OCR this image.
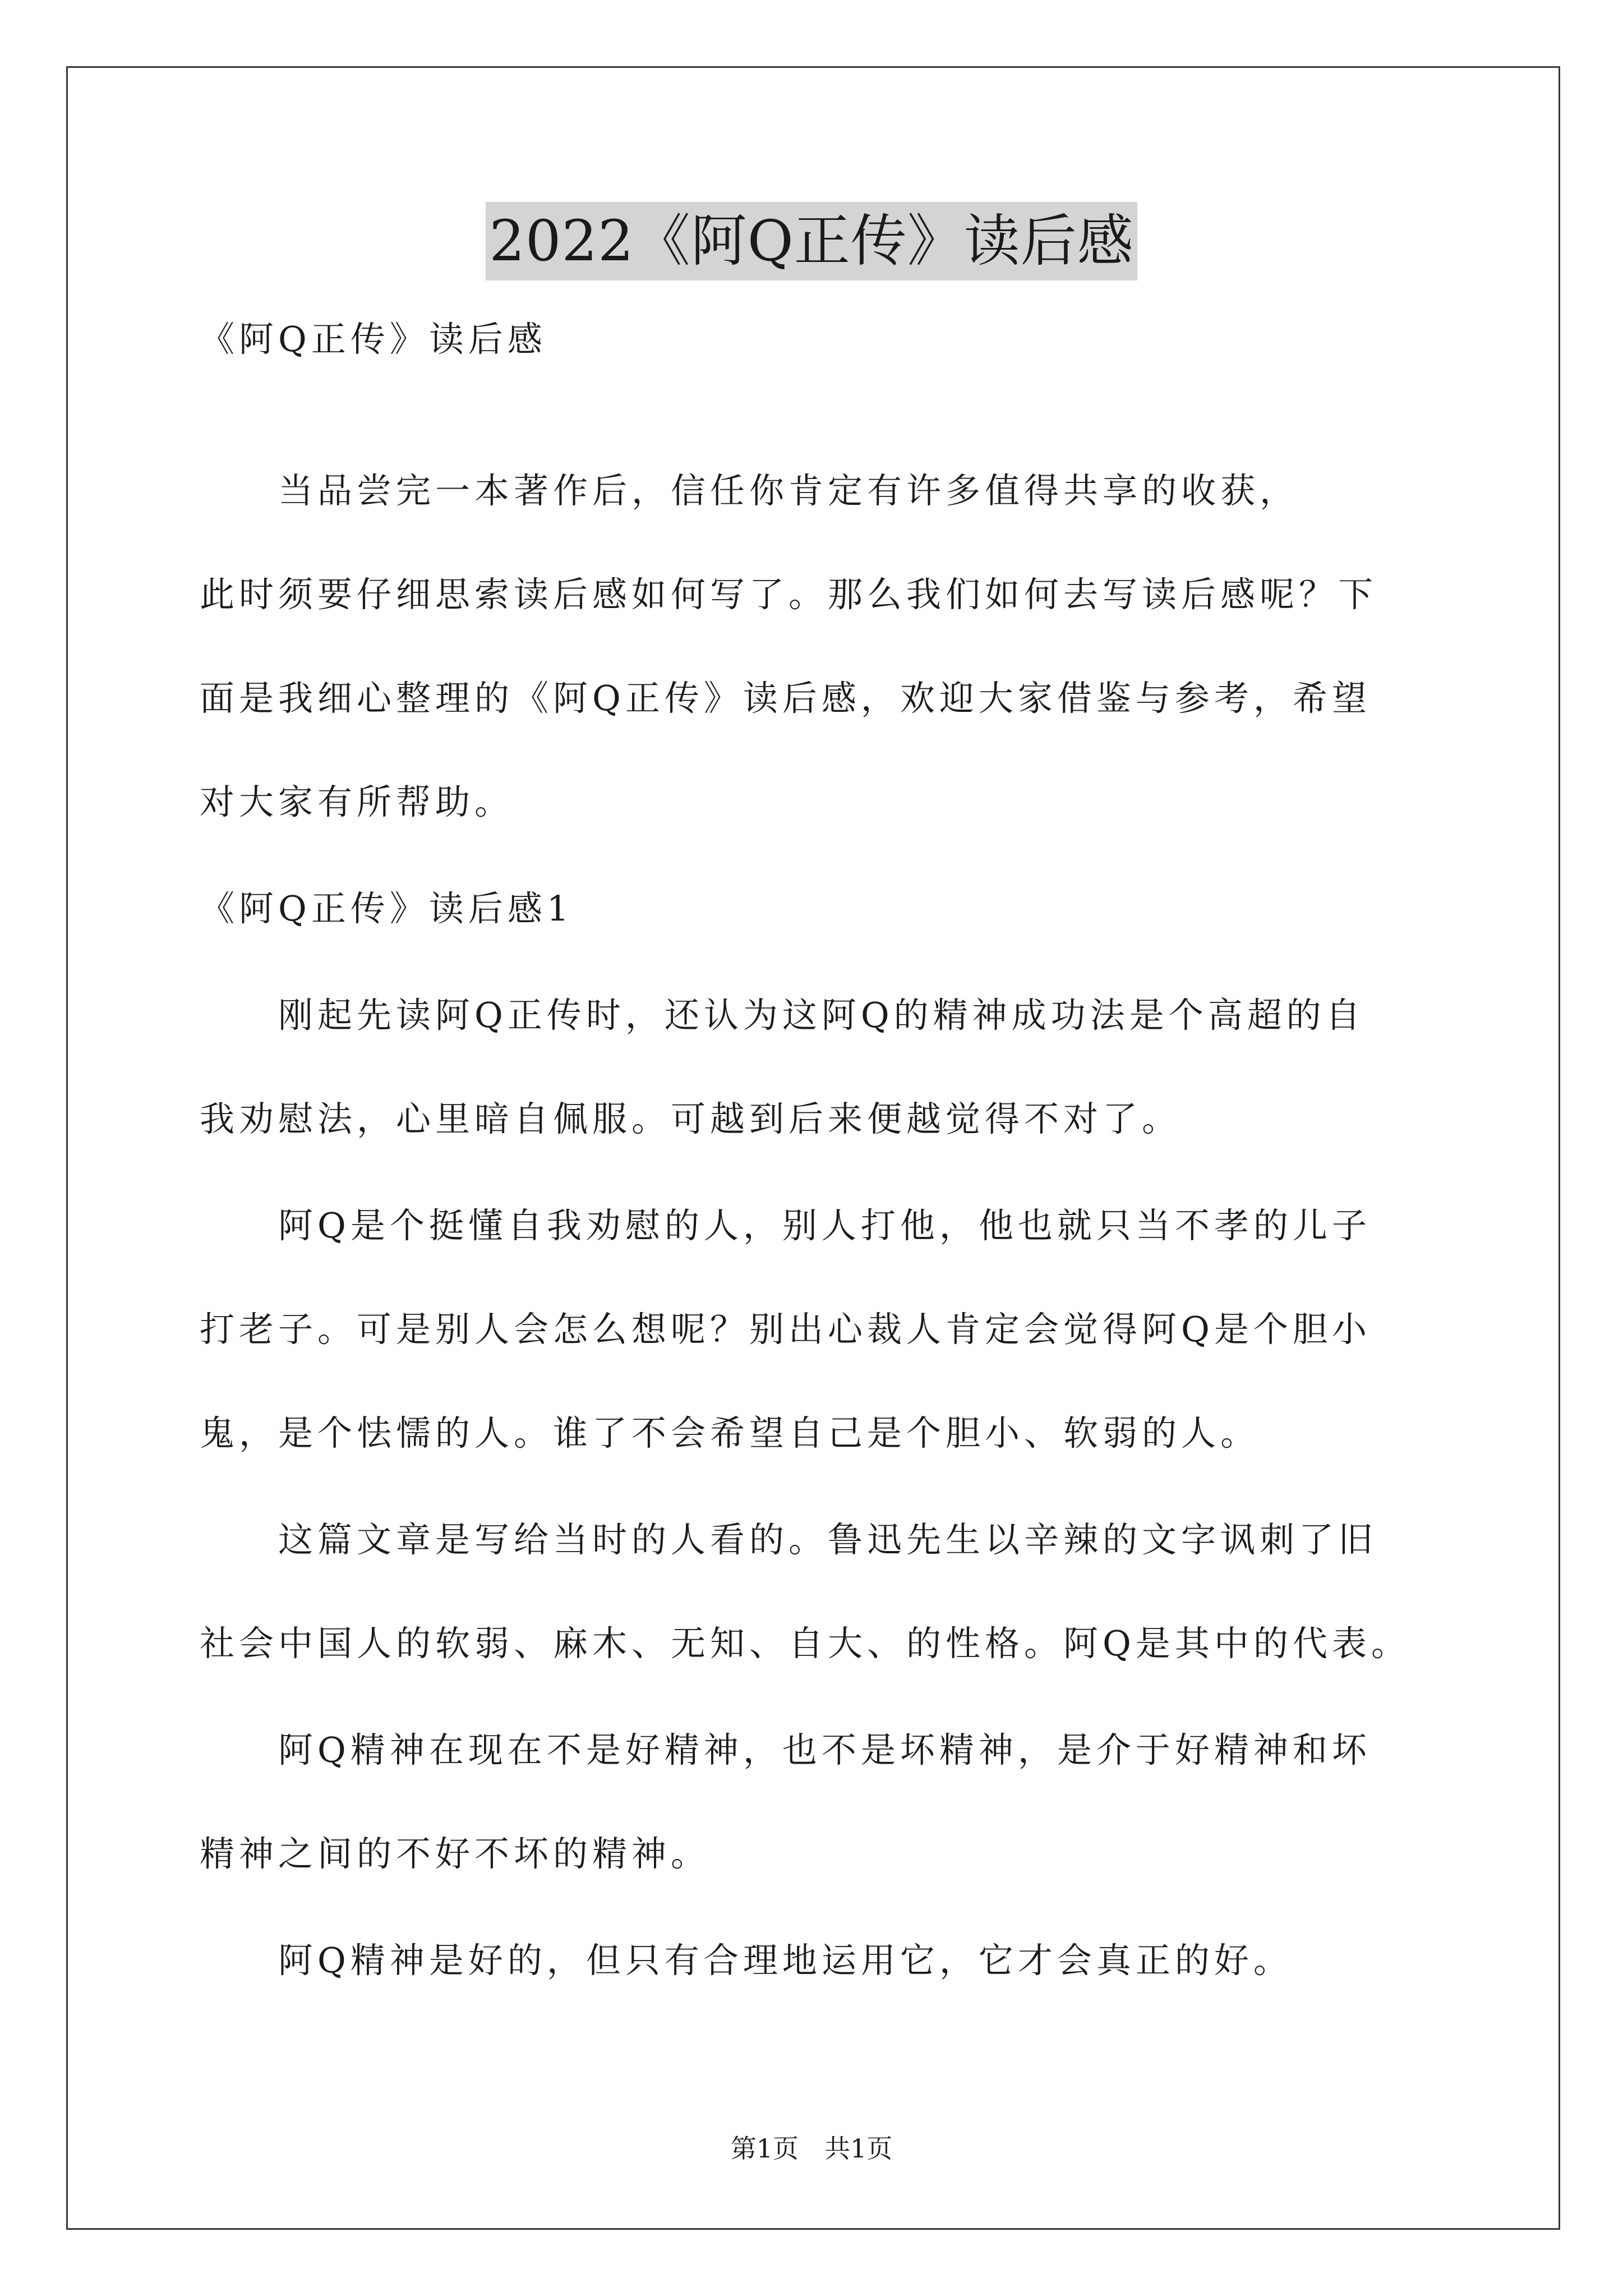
2022《阿Q正传》读后感
《阿Q正传》读后感
　　当品尝完一本著作后，信任你肯定有许多值得共享的收获，
此时须要仔细思索读后感如何写了。那么我们如何去写读后感呢？下
面是我细心整理的《阿Q正传》读后感，欢迎大家借鉴与参考，希望
对大家有所帮助。
《阿Q正传》读后感1
　　刚起先读阿Q正传时，还认为这阿Q的精神成功法是个高超的自
我劝慰法，心里暗自佩服。可越到后来便越觉得不对了。
　　阿Q是个挺懂自我劝慰的人，别人打他，他也就只当不孝的儿子
打老子。可是别人会怎么想呢？别出心裁人肯定会觉得阿Q是个胆小
鬼，是个怯懦的人。谁了不会希望自己是个胆小、软弱的人。
　　这篇文章是写给当时的人看的。鲁迅先生以辛辣的文字讽刺了旧
社会中国人的软弱、麻木、无知、自大、的性格。阿Q是其中的代表。
　　阿Q精神在现在不是好精神，也不是坏精神，是介于好精神和坏
精神之间的不好不坏的精神。
　　阿Q精神是好的，但只有合理地运用它，它才会真正的好。
第1页　共1页
